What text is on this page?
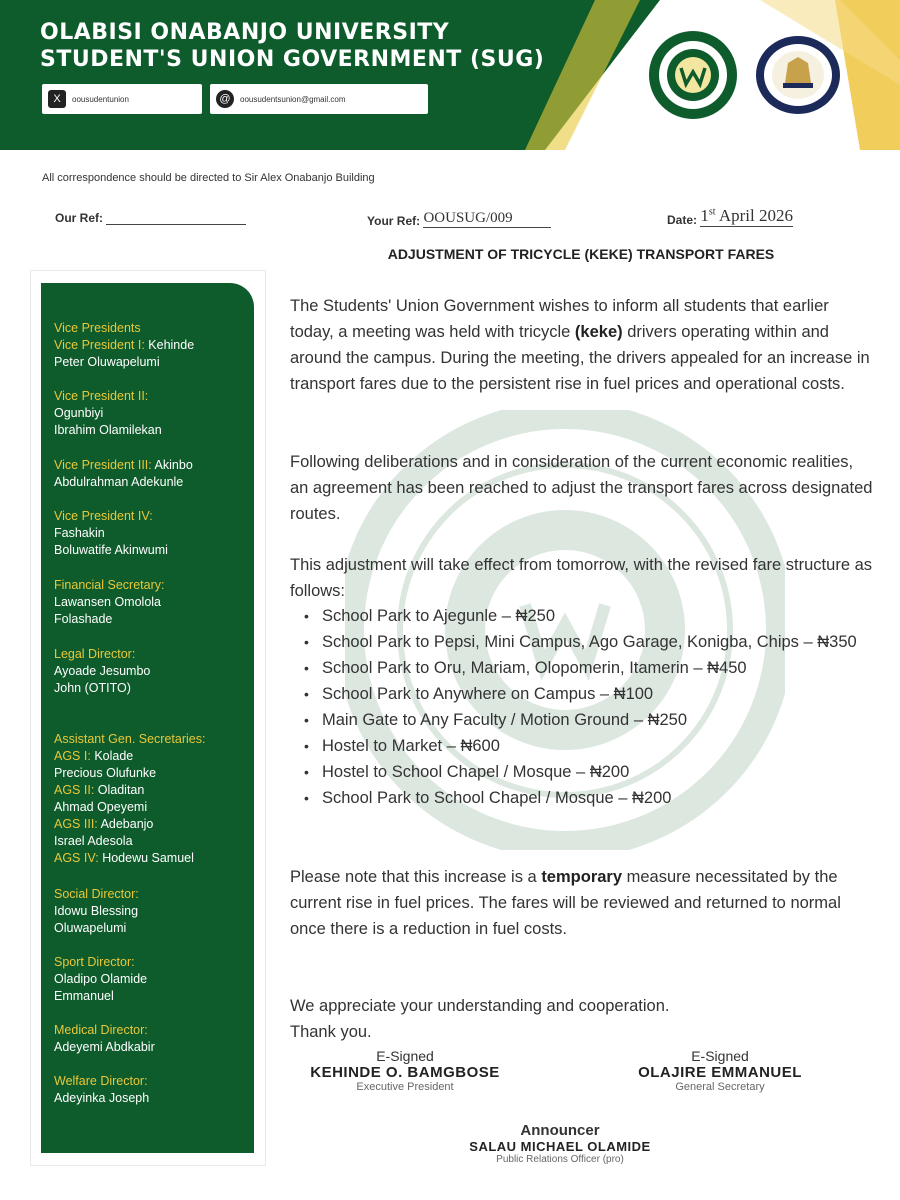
OLABISI ONABANJO UNIVERSITY
STUDENT'S UNION GOVERNMENT (SUG)
X	oousudentunion	@	oousudentsunion@gmail.com
All correspondence should be directed to Sir Alex Onabanjo Building
Our Ref:	Your Ref: OOUSUG/009	Date: 1st April 2026
ADJUSTMENT OF TRICYCLE (KEKE) TRANSPORT FARES
Vice Presidents
Vice President I: Kehinde
Peter Oluwapelumi
Vice President II:
Ogunbiyi
Ibrahim Olamilekan
Vice President III: Akinbo
Abdulrahman Adekunle
Vice President IV:
Fashakin
Boluwatife Akinwumi
Financial Secretary:
Lawansen Omolola
Folashade
Legal Director:
Ayoade Jesumbo
John (OTITO)
Assistant Gen. Secretaries:
AGS I: Kolade
Precious Olufunke
AGS II: Oladitan
Ahmad Opeyemi
AGS III: Adebanjo
Israel Adesola
AGS IV: Hodewu Samuel
Social Director:
Idowu Blessing
Oluwapelumi
Sport Director:
Oladipo Olamide
Emmanuel
Medical Director:
Adeyemi Abdkabir
Welfare Director:
Adeyinka Joseph
The Students' Union Government wishes to inform all students that earlier today, a meeting was held with tricycle (keke) drivers operating within and around the campus. During the meeting, the drivers appealed for an increase in transport fares due to the persistent rise in fuel prices and operational costs.
Following deliberations and in consideration of the current economic realities, an agreement has been reached to adjust the transport fares across designated routes.
This adjustment will take effect from tomorrow, with the revised fare structure as follows:
• School Park to Ajegunle – ₦250
• School Park to Pepsi, Mini Campus, Ago Garage, Konigba, Chips – ₦350
• School Park to Oru, Mariam, Olopomerin, Itamerin – ₦450
• School Park to Anywhere on Campus – ₦100
• Main Gate to Any Faculty / Motion Ground – ₦250
• Hostel to Market – ₦600
• Hostel to School Chapel / Mosque – ₦200
• School Park to School Chapel / Mosque – ₦200
Please note that this increase is a temporary measure necessitated by the current rise in fuel prices. The fares will be reviewed and returned to normal once there is a reduction in fuel costs.
We appreciate your understanding and cooperation.
Thank you.
E-Signed
KEHINDE O. BAMGBOSE
Executive President
E-Signed
OLAJIRE EMMANUEL
General Secretary
Announcer
SALAU MICHAEL OLAMIDE
Public Relations Officer (pro)
